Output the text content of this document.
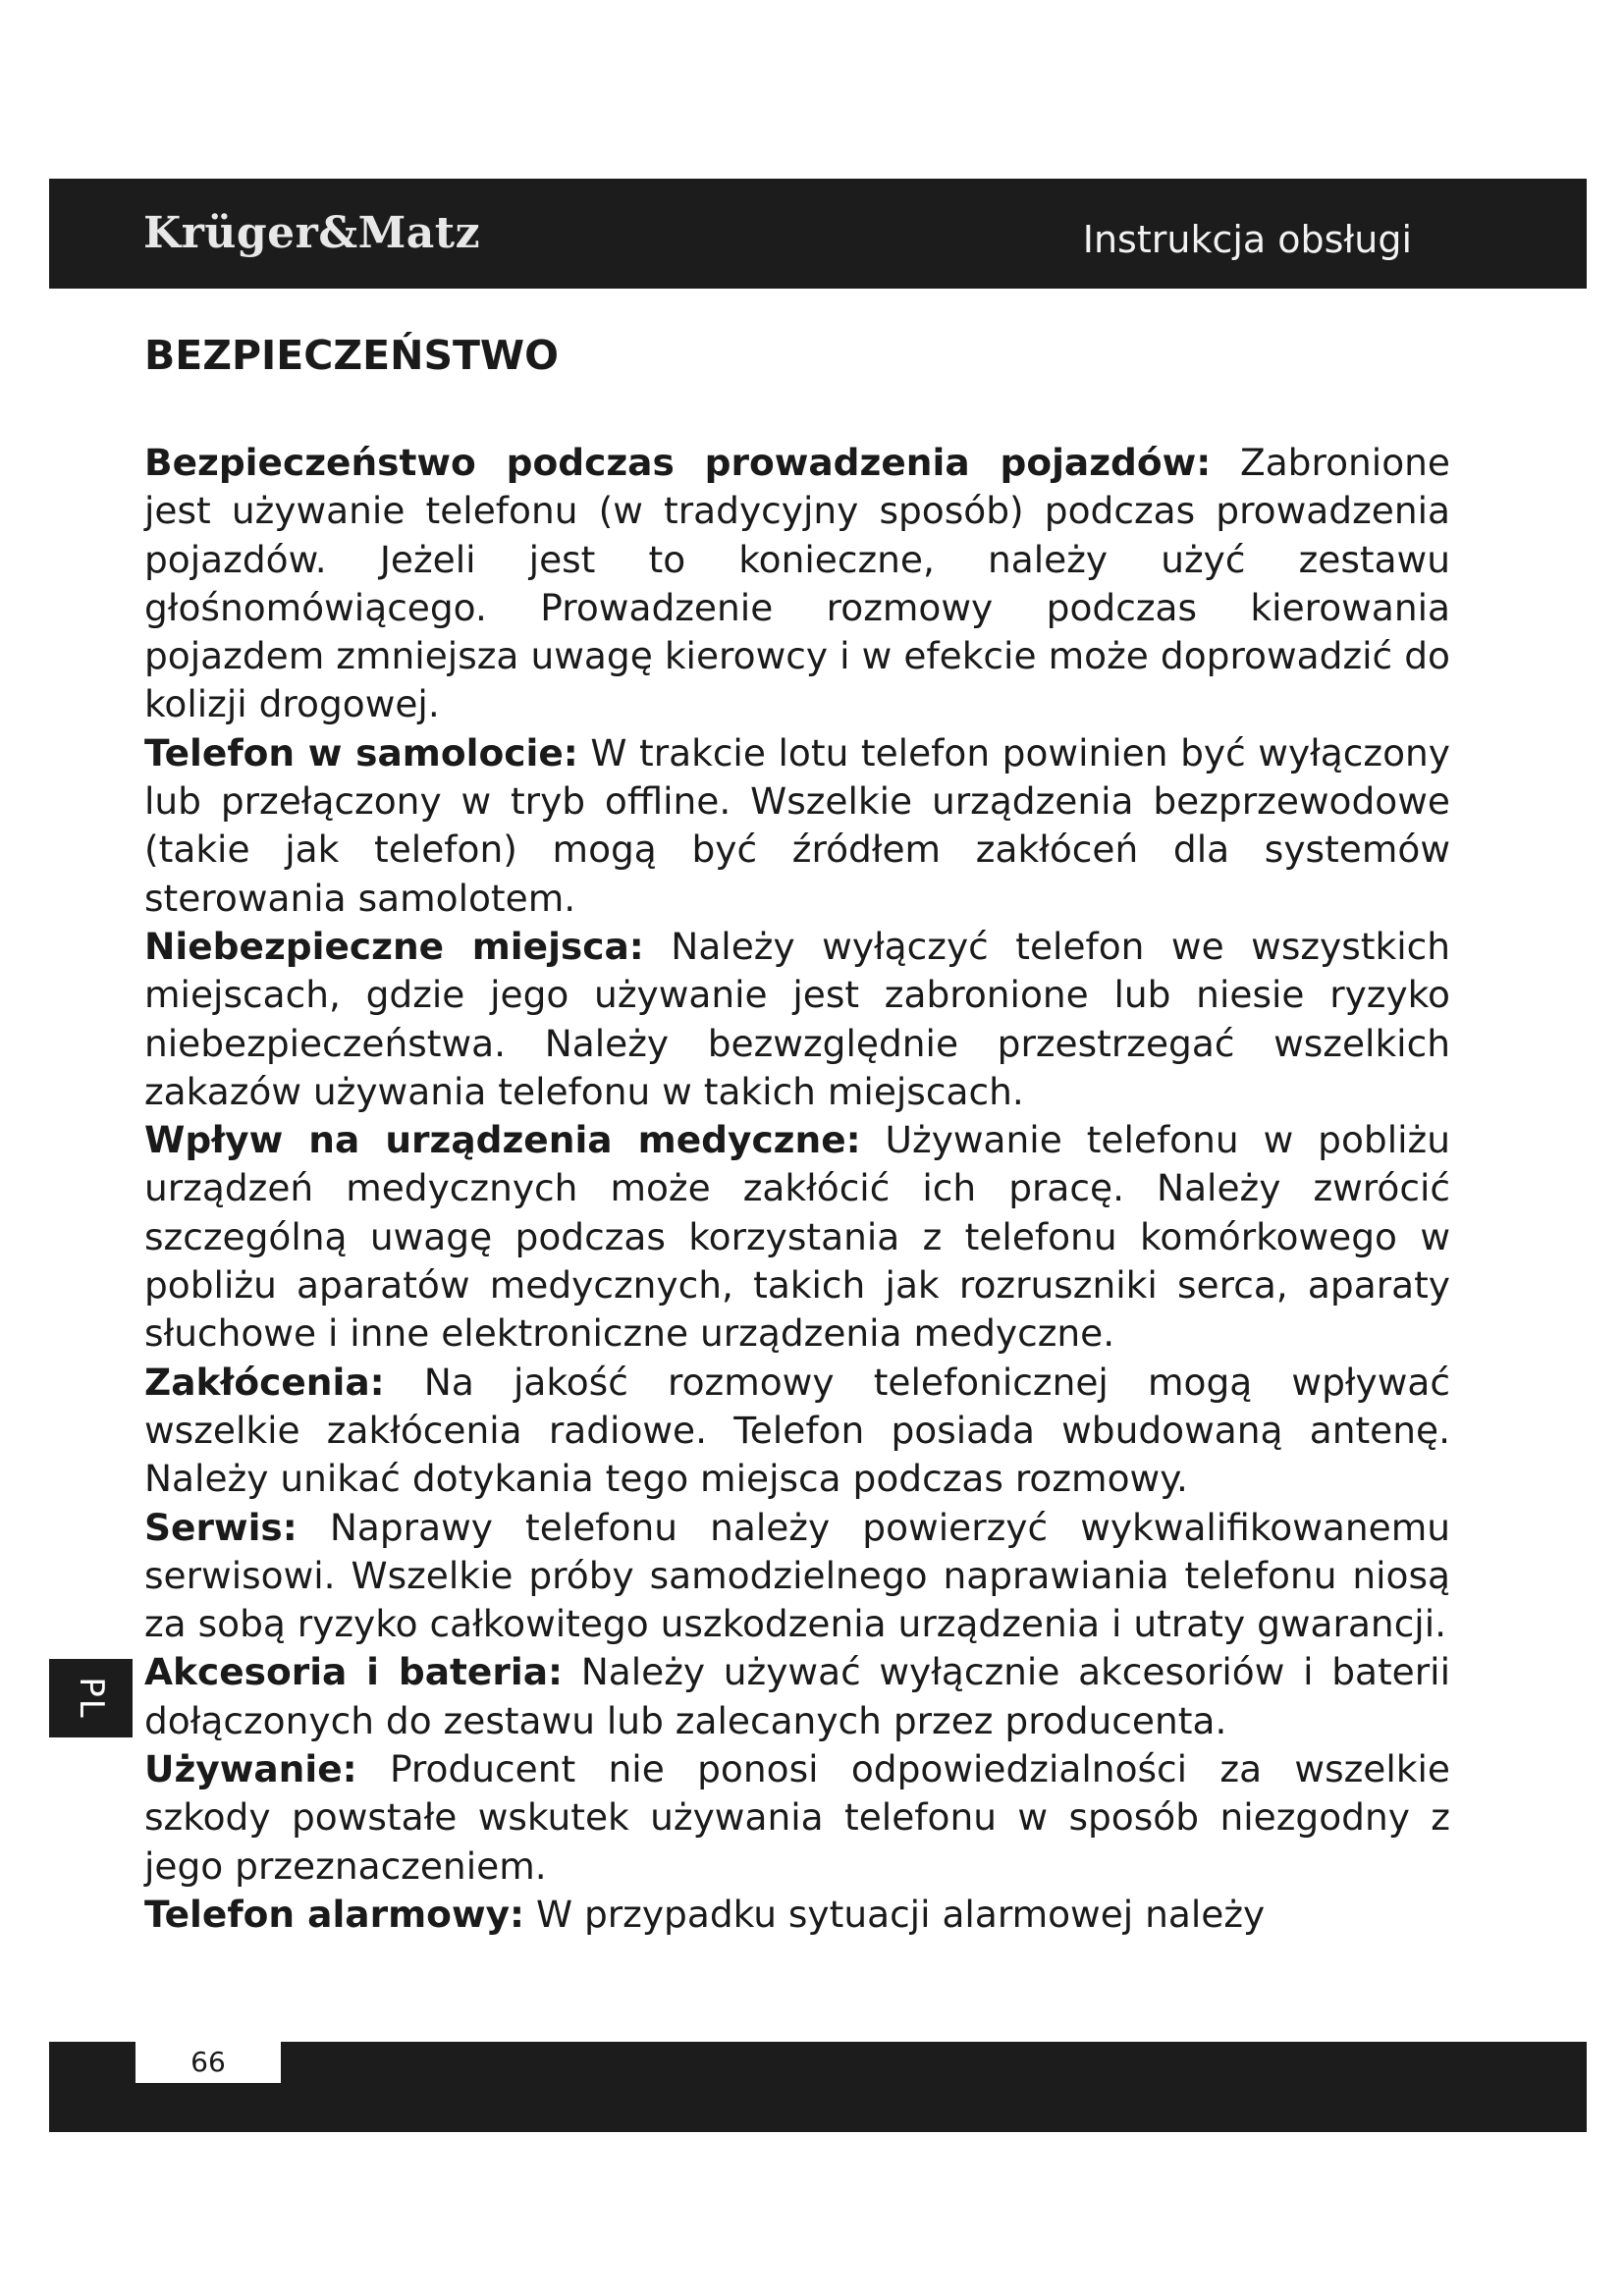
Krüger&Matz	Instrukcja obsługi
BEZPIECZEŃSTWO

Bezpieczeństwo podczas prowadzenia pojazdów: Zabronione jest używanie telefonu (w tradycyjny sposób) podczas prowadzenia pojazdów. Jeżeli jest to konieczne, należy użyć zestawu głośnomówiącego. Prowadzenie rozmowy podczas kierowania pojazdem zmniejsza uwagę kierowcy i w efekcie może doprowadzić do kolizji drogowej.

Telefon w samolocie: W trakcie lotu telefon powinien być wyłączony lub przełączony w tryb offline. Wszelkie urządzenia bezprzewodowe (takie jak telefon) mogą być źródłem zakłóceń dla systemów sterowania samolotem.

Niebezpieczne miejsca: Należy wyłączyć telefon we wszystkich miejscach, gdzie jego używanie jest zabronione lub niesie ryzyko niebezpieczeństwa. Należy bezwzględnie przestrzegać wszelkich zakazów używania telefonu w takich miejscach.

Wpływ na urządzenia medyczne: Używanie telefonu w pobliżu urządzeń medycznych może zakłócić ich pracę. Należy zwrócić szczególną uwagę podczas korzystania z telefonu komórkowego w pobliżu aparatów medycznych, takich jak rozruszniki serca, aparaty słuchowe i inne elektroniczne urządzenia medyczne.

Zakłócenia: Na jakość rozmowy telefonicznej mogą wpływać wszelkie zakłócenia radiowe. Telefon posiada wbudowaną antenę. Należy unikać dotykania tego miejsca podczas rozmowy.

Serwis: Naprawy telefonu należy powierzyć wykwalifikowanemu serwisowi. Wszelkie próby samodzielnego naprawiania telefonu niosą za sobą ryzyko całkowitego uszkodzenia urządzenia i utraty gwarancji.

Akcesoria i bateria: Należy używać wyłącznie akcesoriów i baterii dołączonych do zestawu lub zalecanych przez producenta.

Używanie: Producent nie ponosi odpowiedzialności za wszelkie szkody powstałe wskutek używania telefonu w sposób niezgodny z jego przeznaczeniem.

Telefon alarmowy: W przypadku sytuacji alarmowej należy

PL
66
